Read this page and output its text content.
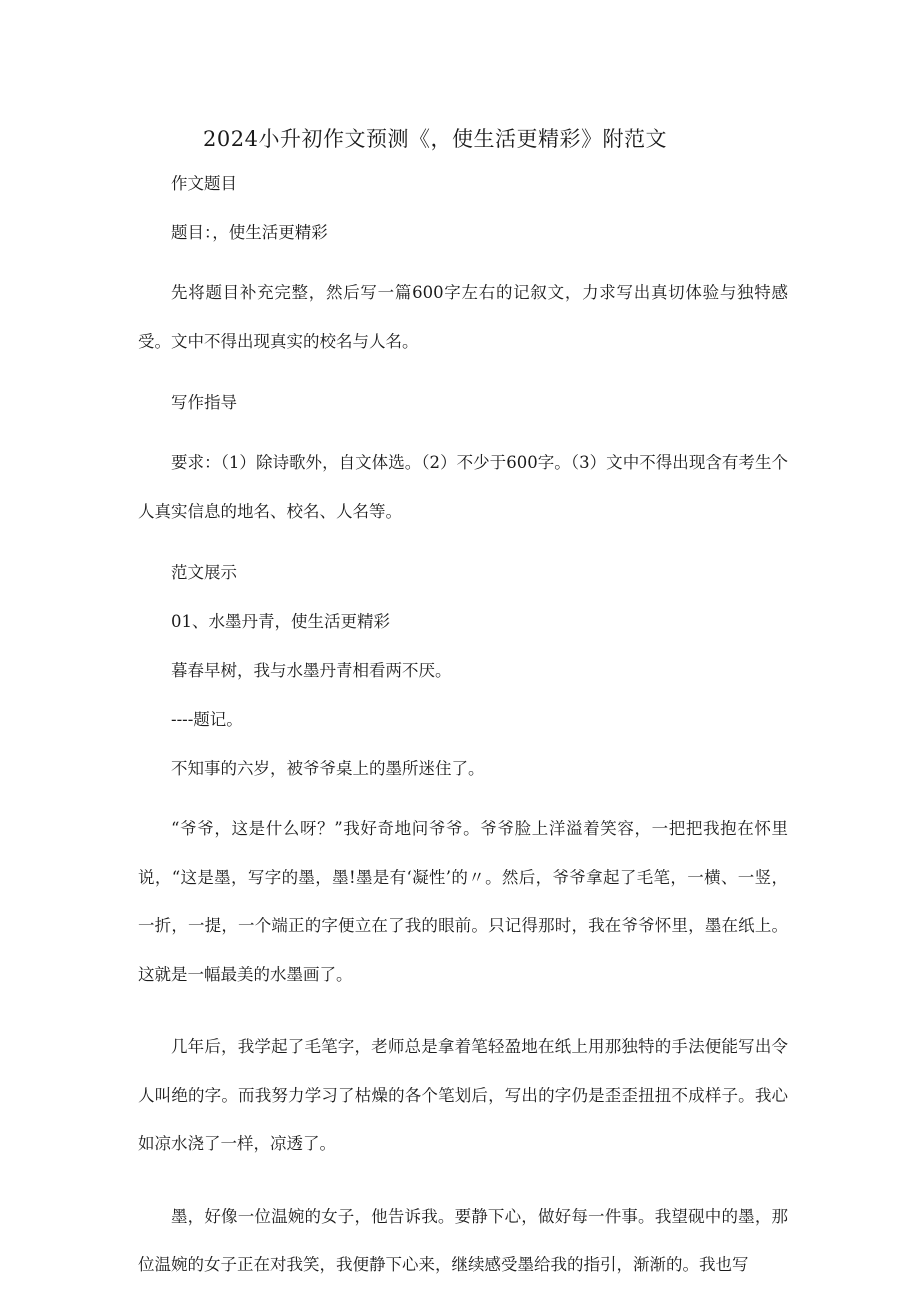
2024小升初作文预测《，使生活更精彩》附范文

作文题目

题目：，使生活更精彩

先将题目补充完整，然后写一篇600字左右的记叙文，力求写出真切体验与独特感受。文中不得出现真实的校名与人名。

写作指导

要求：（1）除诗歌外，自文体选。（2）不少于600字。（3）文中不得出现含有考生个人真实信息的地名、校名、人名等。

范文展示

01、水墨丹青，使生活更精彩

暮春早树，我与水墨丹青相看两不厌。

----题记。

不知事的六岁，被爷爷桌上的墨所迷住了。

“爷爷，这是什么呀？”我好奇地问爷爷。爷爷脸上洋溢着笑容，一把把我抱在怀里说，“这是墨，写字的墨，墨!墨是有‘凝性’的〃。然后，爷爷拿起了毛笔，一横、一竖，一折，一提，一个端正的字便立在了我的眼前。只记得那时，我在爷爷怀里，墨在纸上。这就是一幅最美的水墨画了。

几年后，我学起了毛笔字，老师总是拿着笔轻盈地在纸上用那独特的手法便能写出令人叫绝的字。而我努力学习了枯燥的各个笔划后，写出的字仍是歪歪扭扭不成样子。我心如凉水浇了一样，凉透了。

墨，好像一位温婉的女子，他告诉我。要静下心，做好每一件事。我望砚中的墨，那位温婉的女子正在对我笑，我便静下心来，继续感受墨给我的指引，渐渐的。我也写
